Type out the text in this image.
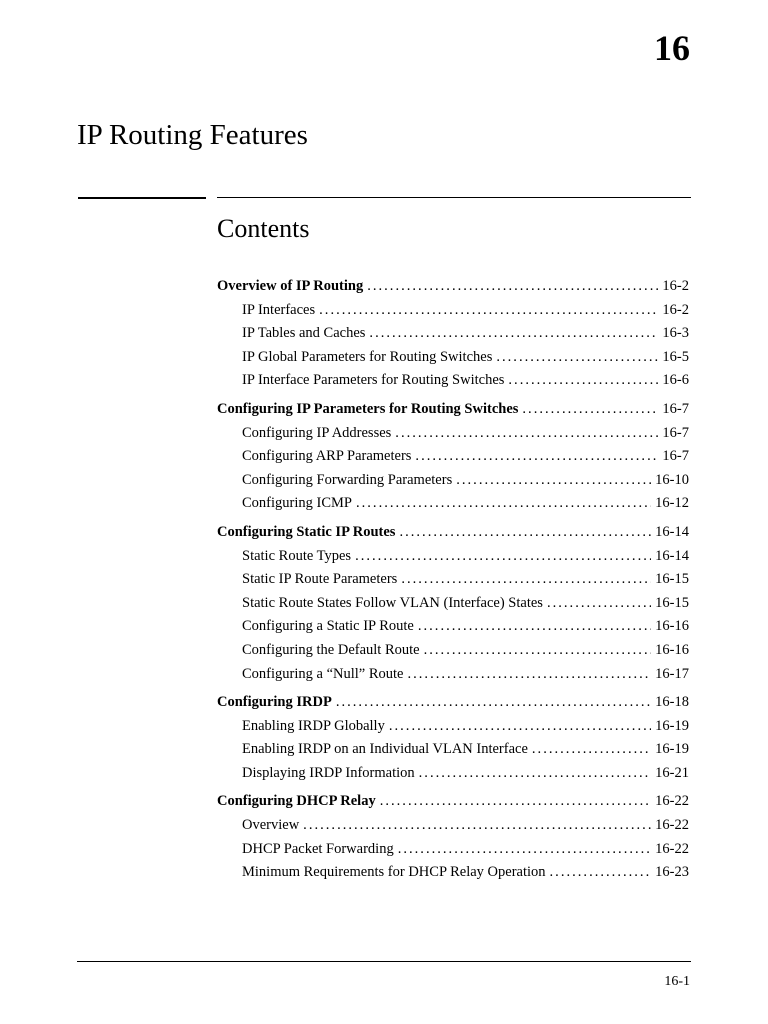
16
IP Routing Features
Contents
Overview of IP Routing . . .	16-2
IP Interfaces . . .	16-2
IP Tables and Caches . . .	16-3
IP Global Parameters for Routing Switches . . .	16-5
IP Interface Parameters for Routing Switches . . .	16-6
Configuring IP Parameters for Routing Switches . . .	16-7
Configuring IP Addresses . . .	16-7
Configuring ARP Parameters . . .	16-7
Configuring Forwarding Parameters . . .	16-10
Configuring ICMP . . .	16-12
Configuring Static IP Routes . . .	16-14
Static Route Types . . .	16-14
Static IP Route Parameters . . .	16-15
Static Route States Follow VLAN (Interface) States . . .	16-15
Configuring a Static IP Route . . .	16-16
Configuring the Default Route . . .	16-16
Configuring a “Null” Route . . .	16-17
Configuring IRDP . . .	16-18
Enabling IRDP Globally . . .	16-19
Enabling IRDP on an Individual VLAN Interface . . .	16-19
Displaying IRDP Information . . .	16-21
Configuring DHCP Relay . . .	16-22
Overview . . .	16-22
DHCP Packet Forwarding . . .	16-22
Minimum Requirements for DHCP Relay Operation . . .	16-23
16-1
